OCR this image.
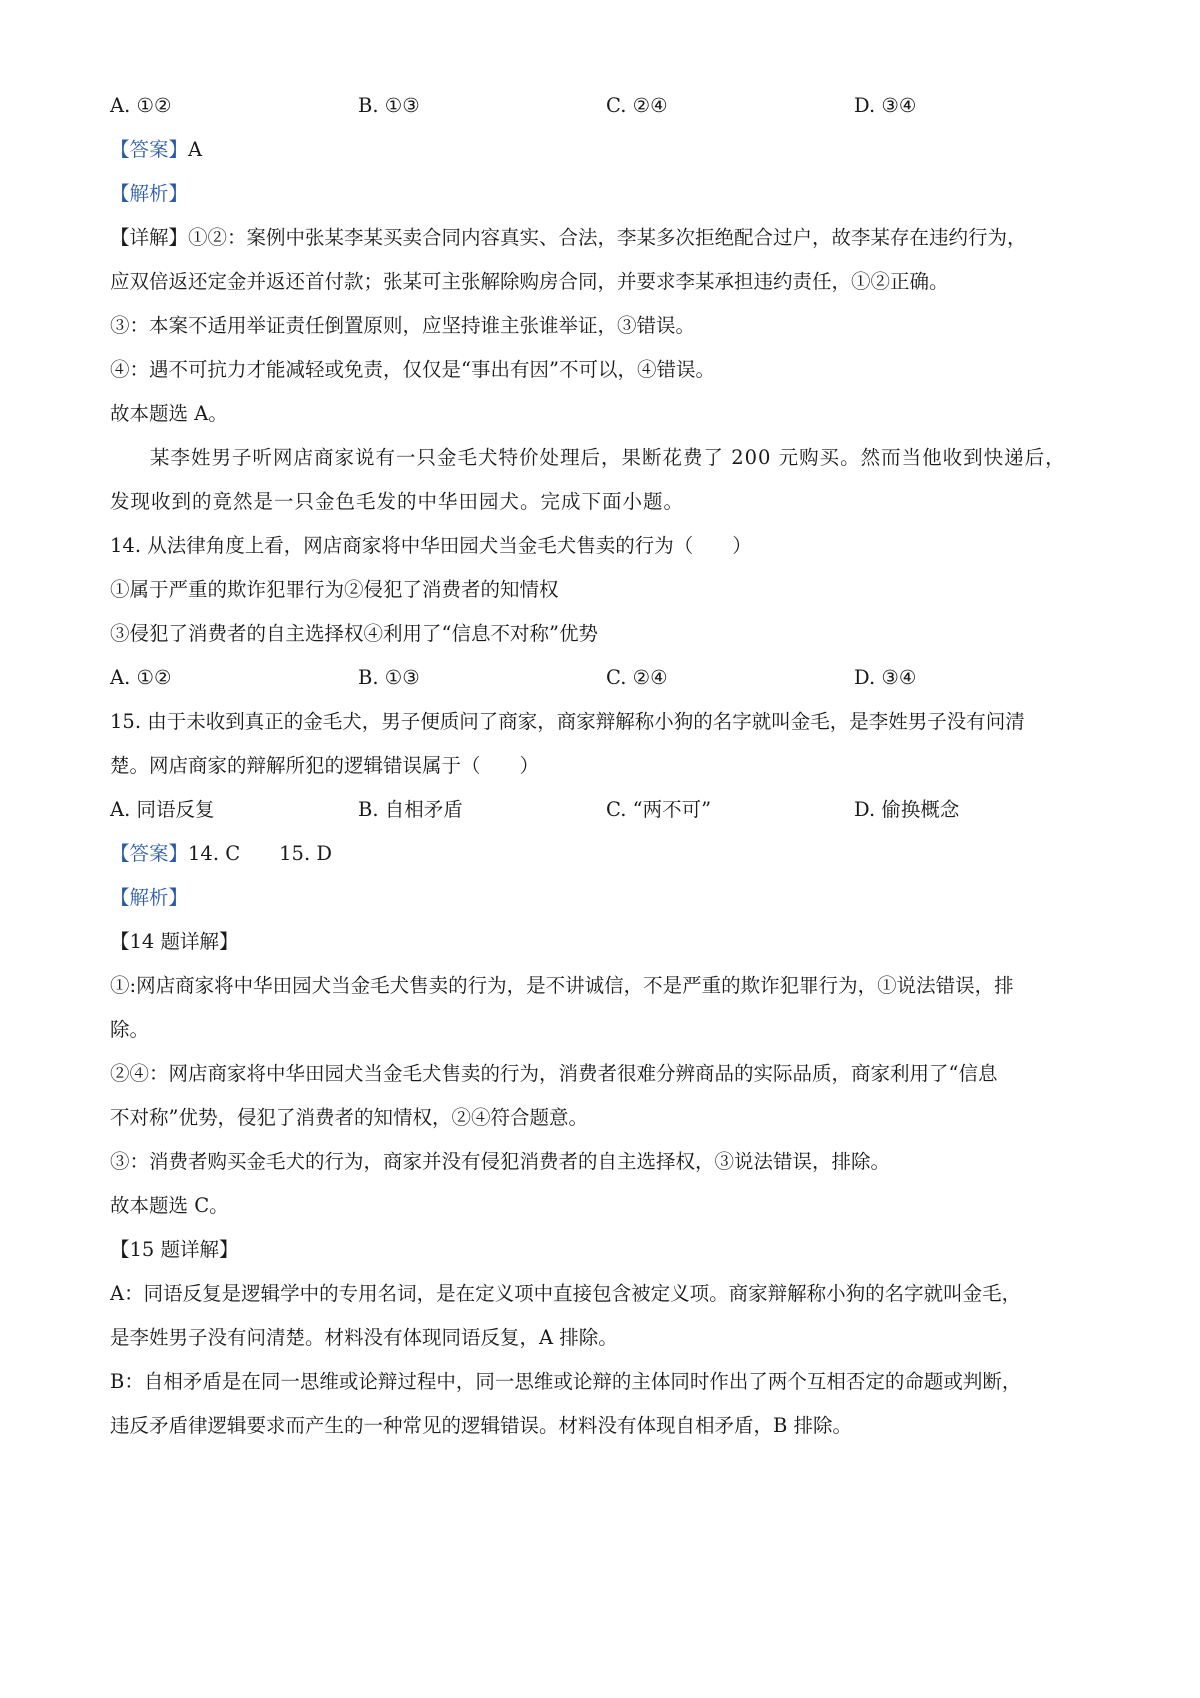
A. ①②	B. ①③	C. ②④	D. ③④
【答案】A
【解析】
【详解】①②：案例中张某李某买卖合同内容真实、合法，李某多次拒绝配合过户，故李某存在违约行为，
应双倍返还定金并返还首付款；张某可主张解除购房合同，并要求李某承担违约责任，①②正确。
③：本案不适用举证责任倒置原则，应坚持谁主张谁举证，③错误。
④：遇不可抗力才能减轻或免责，仅仅是“事出有因”不可以，④错误。
故本题选 A。
某李姓男子听网店商家说有一只金毛犬特价处理后，果断花费了 200 元购买。然而当他收到快递后，
发现收到的竟然是一只金色毛发的中华田园犬。完成下面小题。
14. 从法律角度上看，网店商家将中华田园犬当金毛犬售卖的行为（　　）
①属于严重的欺诈犯罪行为②侵犯了消费者的知情权
③侵犯了消费者的自主选择权④利用了“信息不对称”优势
A. ①②	B. ①③	C. ②④	D. ③④
15. 由于未收到真正的金毛犬，男子便质问了商家，商家辩解称小狗的名字就叫金毛，是李姓男子没有问清
楚。网店商家的辩解所犯的逻辑错误属于（　　）
A. 同语反复	B. 自相矛盾	C. “两不可”	D. 偷换概念
【答案】14. C　　15. D
【解析】
【14 题详解】
①:网店商家将中华田园犬当金毛犬售卖的行为，是不讲诚信，不是严重的欺诈犯罪行为，①说法错误，排
除。
②④：网店商家将中华田园犬当金毛犬售卖的行为，消费者很难分辨商品的实际品质，商家利用了“信息
不对称”优势，侵犯了消费者的知情权，②④符合题意。
③：消费者购买金毛犬的行为，商家并没有侵犯消费者的自主选择权，③说法错误，排除。
故本题选 C。
【15 题详解】
A：同语反复是逻辑学中的专用名词，是在定义项中直接包含被定义项。商家辩解称小狗的名字就叫金毛，
是李姓男子没有问清楚。材料没有体现同语反复，A 排除。
B：自相矛盾是在同一思维或论辩过程中，同一思维或论辩的主体同时作出了两个互相否定的命题或判断，
违反矛盾律逻辑要求而产生的一种常见的逻辑错误。材料没有体现自相矛盾，B 排除。
